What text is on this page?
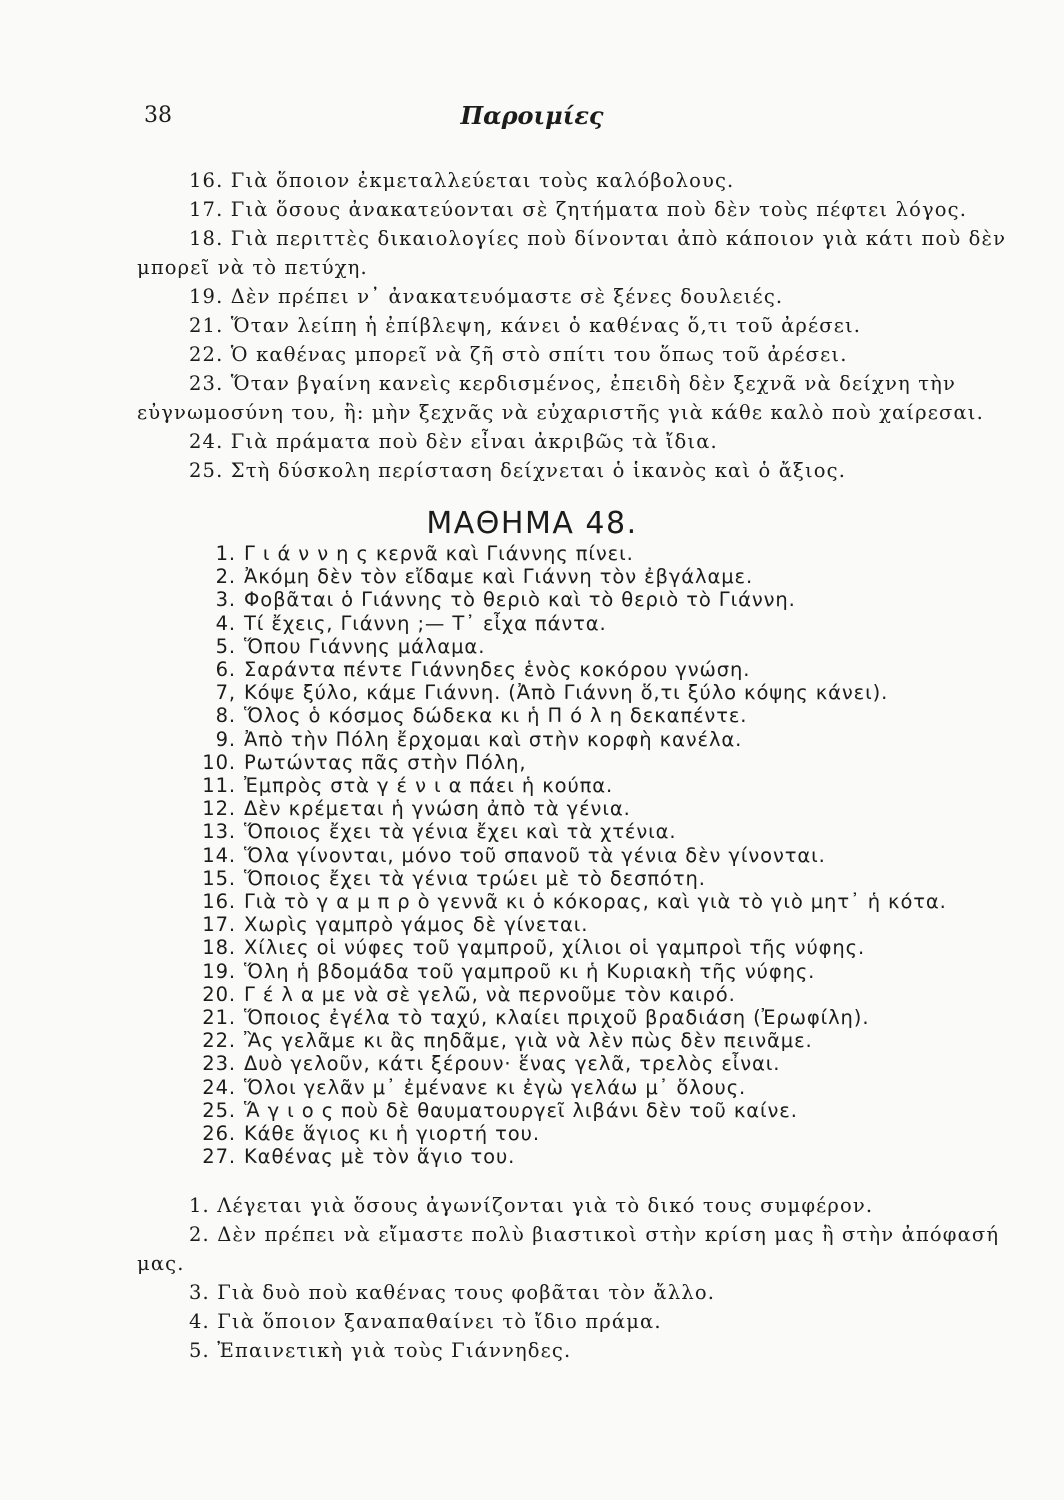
38	Παροιμίες

16. Γιὰ ὅποιον ἐκμεταλλεύεται τοὺς καλόβολους.

17. Γιὰ ὅσους ἀνακατεύονται σὲ ζητήματα ποὺ δὲν τοὺς πέφτει λόγος.

18. Γιὰ περιττὲς δικαιολογίες ποὺ δίνονται ἀπὸ κάποιον γιὰ κάτι ποὺ δὲν μπορεῖ νὰ τὸ πετύχη.

19. Δὲν πρέπει ν᾽ ἀνακατευόμαστε σὲ ξένες δουλειές.

21. Ὅταν λείπη ἡ ἐπίβλεψη, κάνει ὁ καθένας ὅ,τι τοῦ ἀρέσει.

22. Ὁ καθένας μπορεῖ νὰ ζῆ στὸ σπίτι του ὅπως τοῦ ἀρέσει.

23. Ὅταν βγαίνη κανεὶς κερδισμένος, ἐπειδὴ δὲν ξεχνᾶ νὰ δείχνη τὴν εὐγνωμοσύνη του, ἢ: μὴν ξεχνᾶς νὰ εὐχαριστῆς γιὰ κάθε καλὸ ποὺ χαίρεσαι.

24. Γιὰ πράματα ποὺ δὲν εἶναι ἀκριβῶς τὰ ἴδια.

25. Στὴ δύσκολη περίσταση δείχνεται ὁ ἱκανὸς καὶ ὁ ἄξιος.

ΜΑΘΗΜΑ 48.
1. Γ ι ά ν ν η ς κερνᾶ καὶ Γιάννης πίνει.
2. Ἀκόμη δὲν τὸν εἴδαμε καὶ Γιάννη τὸν ἐβγάλαμε.
3. Φοβᾶται ὁ Γιάννης τὸ θεριὸ καὶ τὸ θεριὸ τὸ Γιάννη.
4. Τί ἔχεις, Γιάννη ;— Τ᾽ εἶχα πάντα.
5. Ὅπου Γιάννης μάλαμα.
6. Σαράντα πέντε Γιάννηδες ἑνὸς κοκόρου γνώση.
7, Κόψε ξύλο, κάμε Γιάννη. (Ἀπὸ Γιάννη ὅ,τι ξύλο κόψης κάνει).
8. Ὅλος ὁ κόσμος δώδεκα κι ἡ Π ό λ η δεκαπέντε.
9. Ἀπὸ τὴν Πόλη ἔρχομαι καὶ στὴν κορφὴ κανέλα.
10. Ρωτώντας πᾶς στὴν Πόλη,
11. Ἐμπρὸς στὰ γ έ ν ι α πάει ἡ κούπα.
12. Δὲν κρέμεται ἡ γνώση ἀπὸ τὰ γένια.
13. Ὅποιος ἔχει τὰ γένια ἔχει καὶ τὰ χτένια.
14. Ὅλα γίνονται, μόνο τοῦ σπανοῦ τὰ γένια δὲν γίνονται.
15. Ὅποιος ἔχει τὰ γένια τρώει μὲ τὸ δεσπότη.
16. Γιὰ τὸ γ α μ π ρ ὸ γεννᾶ κι ὁ κόκορας, καὶ γιὰ τὸ γιὸ μητ᾽ ἡ κότα.
17. Χωρὶς γαμπρὸ γάμος δὲ γίνεται.
18. Χίλιες οἱ νύφες τοῦ γαμπροῦ, χίλιοι οἱ γαμπροὶ τῆς νύφης.
19. Ὅλη ἡ βδομάδα τοῦ γαμπροῦ κι ἡ Κυριακὴ τῆς νύφης.
20. Γ έ λ α με νὰ σὲ γελῶ, νὰ περνοῦμε τὸν καιρό.
21. Ὅποιος ἐγέλα τὸ ταχύ, κλαίει πριχοῦ βραδιάση (Ἐρωφίλη).
22. Ἂς γελᾶμε κι ἂς πηδᾶμε, γιὰ νὰ λὲν πὼς δὲν πεινᾶμε.
23. Δυὸ γελοῦν, κάτι ξέρουν· ἕνας γελᾶ, τρελὸς εἶναι.
24. Ὅλοι γελᾶν μ᾽ ἐμένανε κι ἐγὼ γελάω μ᾽ ὅλους.
25. Ἅ γ ι ο ς ποὺ δὲ θαυματουργεῖ λιβάνι δὲν τοῦ καίνε.
26. Κάθε ἅγιος κι ἡ γιορτή του.
27. Καθένας μὲ τὸν ἅγιο του.

1. Λέγεται γιὰ ὅσους ἀγωνίζονται γιὰ τὸ δικό τους συμφέρον.

2. Δὲν πρέπει νὰ εἴμαστε πολὺ βιαστικοὶ στὴν κρίση μας ἢ στὴν ἀπόφασή μας.

3. Γιὰ δυὸ ποὺ καθένας τους φοβᾶται τὸν ἄλλο.

4. Γιὰ ὅποιον ξαναπαθαίνει τὸ ἴδιο πράμα.

5. Ἐπαινετικὴ γιὰ τοὺς Γιάννηδες.
